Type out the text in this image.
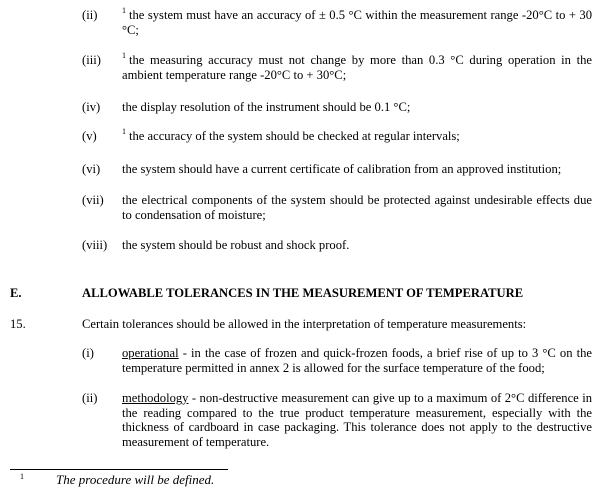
(ii)	$^1$ the system must have an accuracy of ± 0.5 °C within the measurement range -20°C to + 30 °C;
(iii)	$^1$ the measuring accuracy must not change by more than 0.3 °C during operation in the ambient temperature range -20°C to + 30°C;
(iv) the display resolution of the instrument should be 0.1 °C;
(v)	$^1$ the accuracy of the system should be checked at regular intervals;
(vi) the system should have a current certificate of calibration from an approved institution;
(vii) the electrical components of the system should be protected against undesirable effects due to condensation of moisture;
(viii) the system should be robust and shock proof.
E.	ALLOWABLE TOLERANCES IN THE MEASUREMENT OF TEMPERATURE
15.	Certain tolerances should be allowed in the interpretation of temperature measurements:
(i) operational - in the case of frozen and quick-frozen foods, a brief rise of up to 3 °C on the temperature permitted in annex 2 is allowed for the surface temperature of the food;
(ii) methodology - non-destructive measurement can give up to a maximum of 2°C difference in the reading compared to the true product temperature measurement, especially with the thickness of cardboard in case packaging. This tolerance does not apply to the destructive measurement of temperature.
1 The procedure will be defined.
